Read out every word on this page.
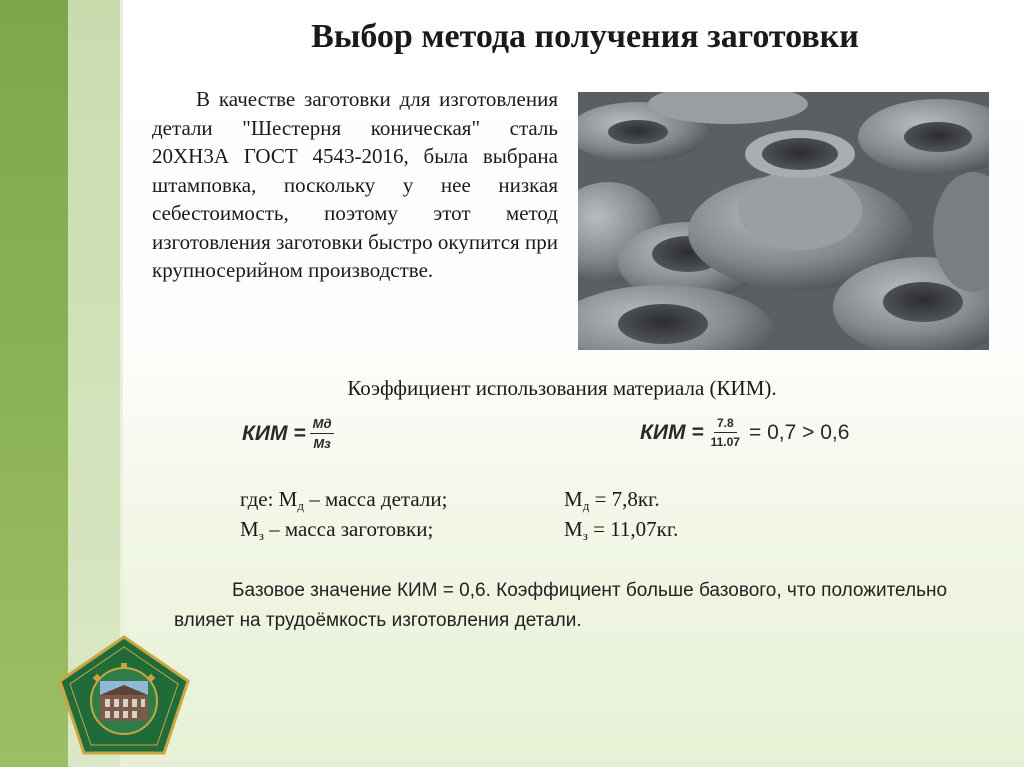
Выбор метода получения заготовки

В качестве заготовки для изготовления детали "Шестерня коническая" сталь 20ХН3А ГОСТ 4543-2016, была выбрана штамповка, поскольку у нее низкая себестоимость, поэтому этот метод изготовления заготовки быстро окупится при крупносерийном производстве.

Коэффициент использования материала (КИМ).
КИМ = $\frac{Мд}{Мз}$	КИМ = $\frac{7.8}{11.07} = 0,7 > 0,6$
где: $М_д$ – масса детали;	$М_д = 7,8кг$.
$М_з$ – масса заготовки;	$М_з = 11,07кг$.

Базовое значение КИМ = 0,6. Коэффициент больше базового, что положительно влияет на трудоёмкость изготовления детали.
